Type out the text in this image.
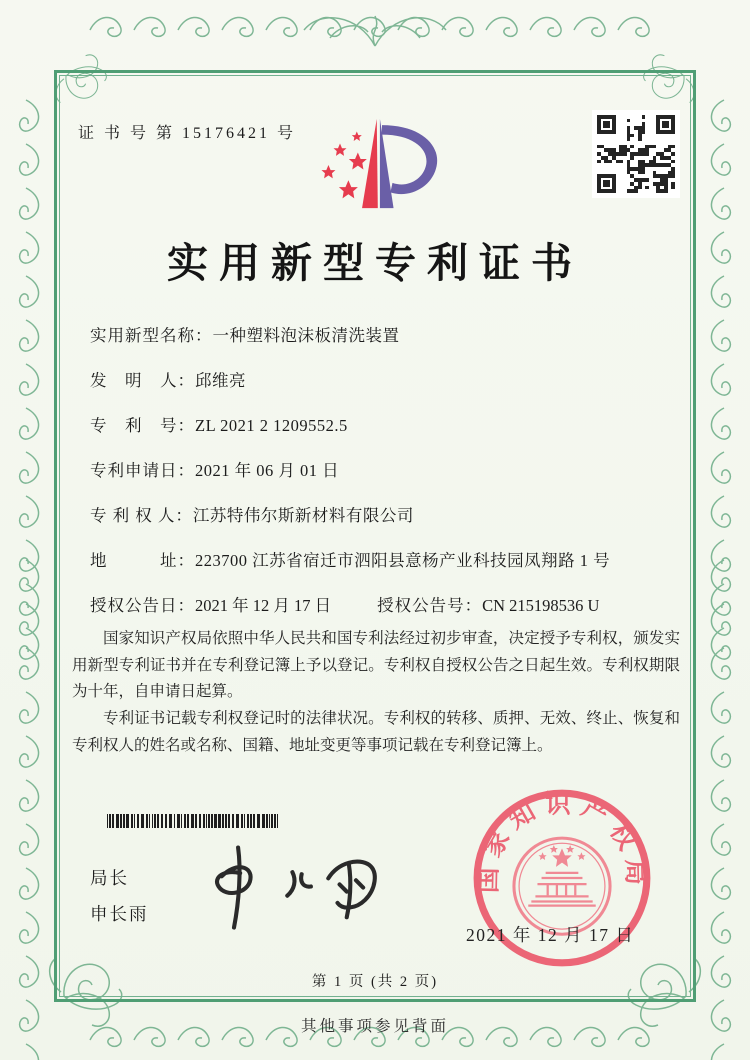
证 书 号 第 15176421 号
实用新型专利证书
实用新型名称： 一种塑料泡沫板清洗装置
发　明　人： 邱维亮
专　利　号： ZL 2021 2 1209552.5
专利申请日： 2021 年 06 月 01 日
专 利 权 人： 江苏特伟尔斯新材料有限公司
地　　　址： 223700 江苏省宿迁市泗阳县意杨产业科技园凤翔路 1 号
授权公告日：2021 年 12 月 17 日	授权公告号：CN 215198536 U

国家知识产权局依照中华人民共和国专利法经过初步审查，决定授予专利权，颁发实用新型专利证书并在专利登记簿上予以登记。专利权自授权公告之日起生效。专利权期限为十年，自申请日起算。

专利证书记载专利权登记时的法律状况。专利权的转移、质押、无效、终止、恢复和专利权人的姓名或名称、国籍、地址变更等事项记载在专利登记簿上。

局长
申长雨
国家知识产权局
2021 年 12 月 17 日
第 1 页 (共 2 页)
其他事项参见背面
